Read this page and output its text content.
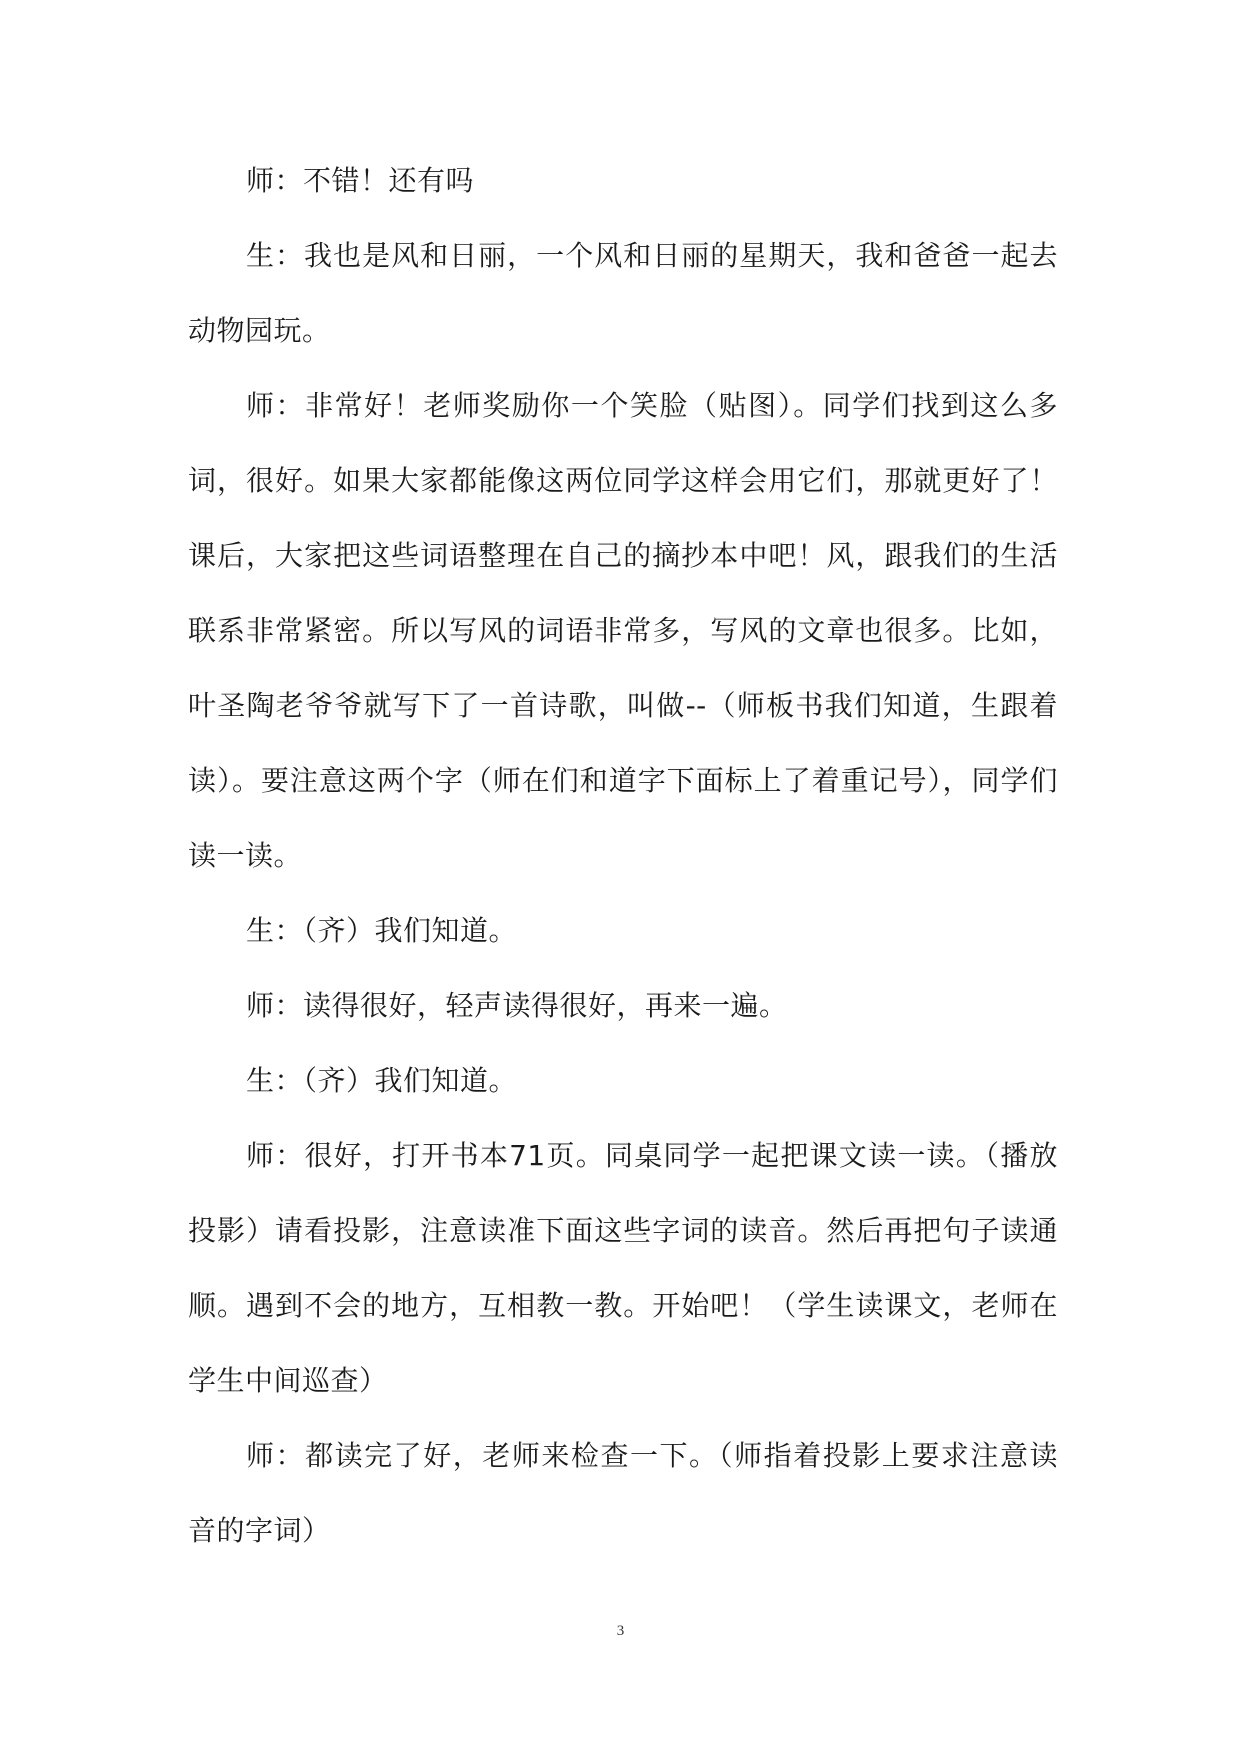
师：不错！还有吗

生：我也是风和日丽，一个风和日丽的星期天，我和爸爸一起去动物园玩。

师：非常好！老师奖励你一个笑脸（贴图）。同学们找到这么多词，很好。如果大家都能像这两位同学这样会用它们，那就更好了！课后，大家把这些词语整理在自己的摘抄本中吧！风，跟我们的生活联系非常紧密。所以写风的词语非常多，写风的文章也很多。比如，叶圣陶老爷爷就写下了一首诗歌，叫做--（师板书我们知道，生跟着读）。要注意这两个字（师在们和道字下面标上了着重记号），同学们读一读。

生：（齐）我们知道。

师：读得很好，轻声读得很好，再来一遍。

生：（齐）我们知道。

师：很好，打开书本71页。同桌同学一起把课文读一读。（播放投影）请看投影，注意读准下面这些字词的读音。然后再把句子读通顺。遇到不会的地方，互相教一教。开始吧！（学生读课文，老师在学生中间巡查）

师：都读完了好，老师来检查一下。（师指着投影上要求注意读音的字词）

3
